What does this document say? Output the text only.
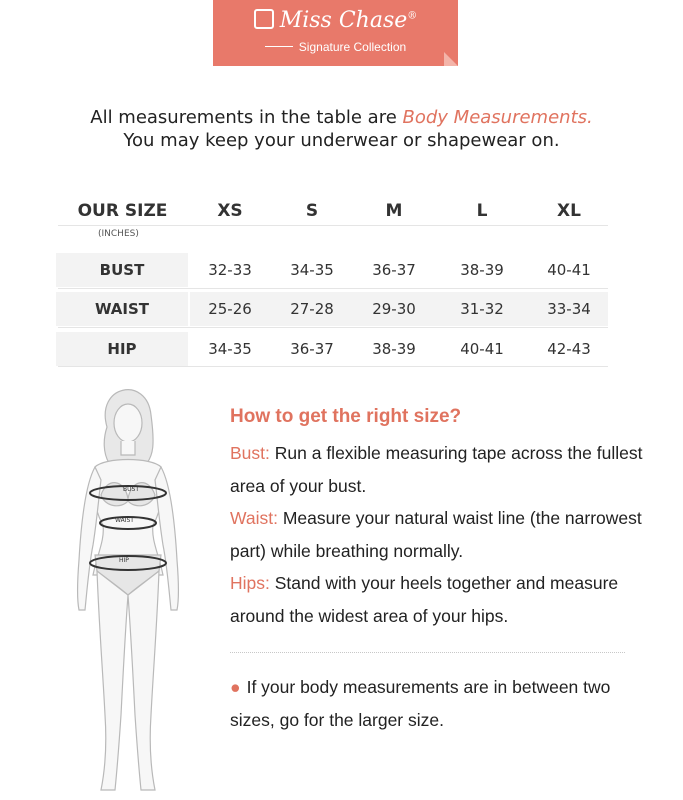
Miss Chase®
Signature Collection
All measurements in the table are Body Measurements.
You may keep your underwear or shapewear on.
OUR SIZE	XS	S	M	L	XL
(INCHES)
BUST	32-33	34-35	36-37	38-39	40-41
WAIST	25-26	27-28	29-30	31-32	33-34
HIP	34-35	36-37	38-39	40-41	42-43
BUST
WAIST
HIP
How to get the right size?
Bust: Run a flexible measuring tape across the fullest area of your bust.
Waist: Measure your natural waist line (the narrowest part) while breathing normally.
Hips: Stand with your heels together and measure around the widest area of your hips.
● If your body measurements are in between two sizes, go for the larger size.
